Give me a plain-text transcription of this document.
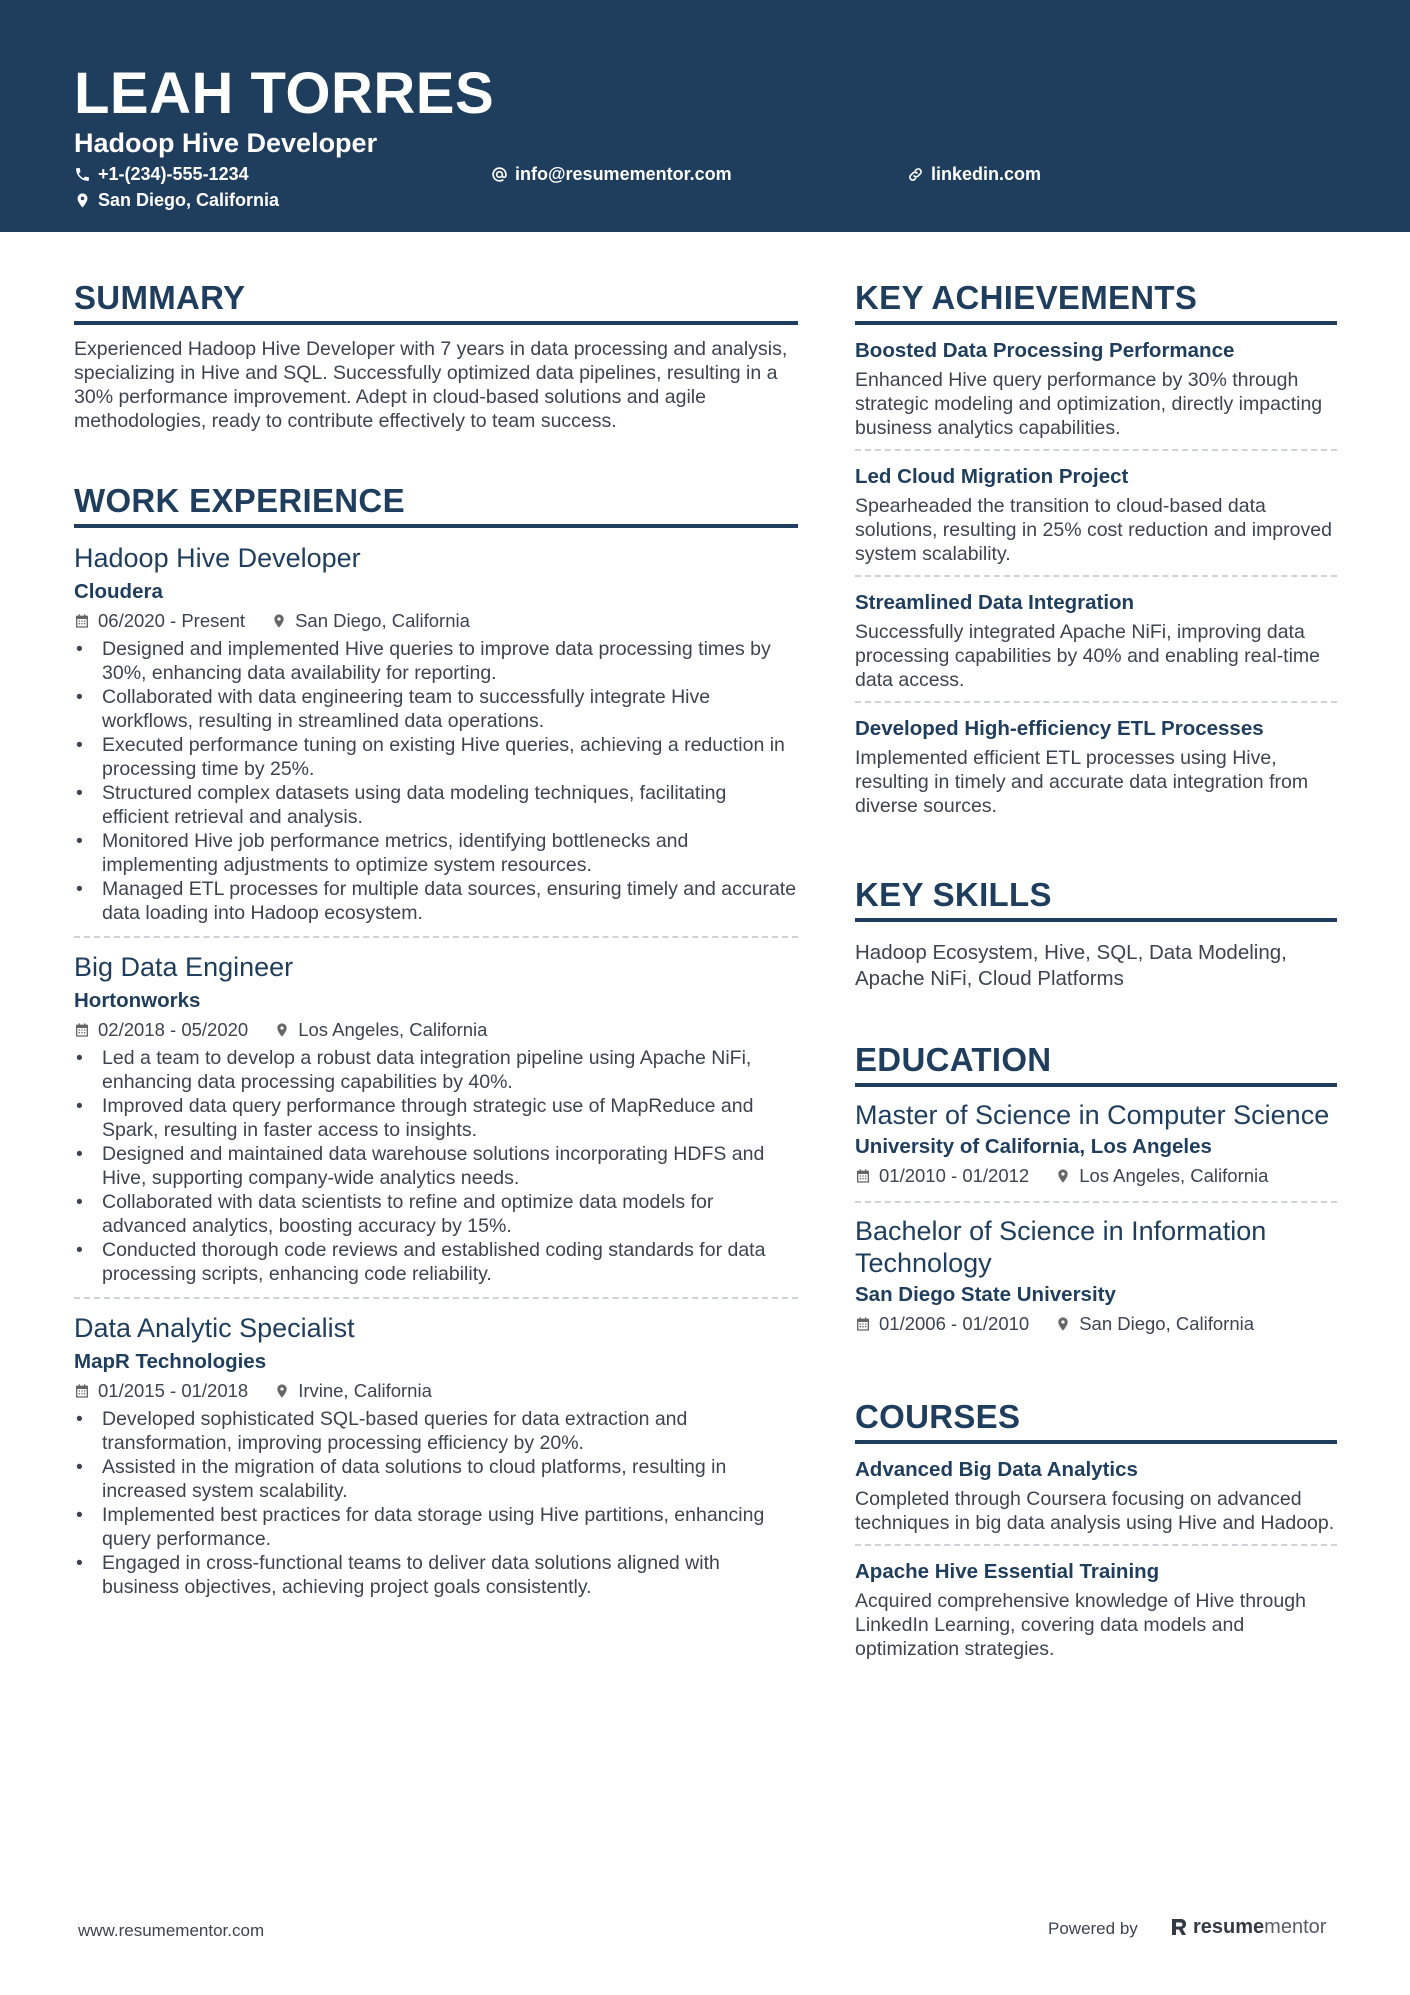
LEAH TORRES
Hadoop Hive Developer
+1-(234)-555-1234	info@resumementor.com	linkedin.com
San Diego, California
SUMMARY
Experienced Hadoop Hive Developer with 7 years in data processing and analysis, specializing in Hive and SQL. Successfully optimized data pipelines, resulting in a 30% performance improvement. Adept in cloud-based solutions and agile methodologies, ready to contribute effectively to team success.
WORK EXPERIENCE
Hadoop Hive Developer
Cloudera
06/2020 - Present	San Diego, California
• Designed and implemented Hive queries to improve data processing times by 30%, enhancing data availability for reporting.
• Collaborated with data engineering team to successfully integrate Hive workflows, resulting in streamlined data operations.
• Executed performance tuning on existing Hive queries, achieving a reduction in processing time by 25%.
• Structured complex datasets using data modeling techniques, facilitating efficient retrieval and analysis.
• Monitored Hive job performance metrics, identifying bottlenecks and implementing adjustments to optimize system resources.
• Managed ETL processes for multiple data sources, ensuring timely and accurate data loading into Hadoop ecosystem.
Big Data Engineer
Hortonworks
02/2018 - 05/2020	Los Angeles, California
• Led a team to develop a robust data integration pipeline using Apache NiFi, enhancing data processing capabilities by 40%.
• Improved data query performance through strategic use of MapReduce and Spark, resulting in faster access to insights.
• Designed and maintained data warehouse solutions incorporating HDFS and Hive, supporting company-wide analytics needs.
• Collaborated with data scientists to refine and optimize data models for advanced analytics, boosting accuracy by 15%.
• Conducted thorough code reviews and established coding standards for data processing scripts, enhancing code reliability.
Data Analytic Specialist
MapR Technologies
01/2015 - 01/2018	Irvine, California
• Developed sophisticated SQL-based queries for data extraction and transformation, improving processing efficiency by 20%.
• Assisted in the migration of data solutions to cloud platforms, resulting in increased system scalability.
• Implemented best practices for data storage using Hive partitions, enhancing query performance.
• Engaged in cross-functional teams to deliver data solutions aligned with business objectives, achieving project goals consistently.
KEY ACHIEVEMENTS
Boosted Data Processing Performance
Enhanced Hive query performance by 30% through strategic modeling and optimization, directly impacting business analytics capabilities.
Led Cloud Migration Project
Spearheaded the transition to cloud-based data solutions, resulting in 25% cost reduction and improved system scalability.
Streamlined Data Integration
Successfully integrated Apache NiFi, improving data processing capabilities by 40% and enabling real-time data access.
Developed High-efficiency ETL Processes
Implemented efficient ETL processes using Hive, resulting in timely and accurate data integration from diverse sources.
KEY SKILLS
Hadoop Ecosystem, Hive, SQL, Data Modeling, Apache NiFi, Cloud Platforms
EDUCATION
Master of Science in Computer Science
University of California, Los Angeles
01/2010 - 01/2012	Los Angeles, California
Bachelor of Science in Information Technology
San Diego State University
01/2006 - 01/2010	San Diego, California
COURSES
Advanced Big Data Analytics
Completed through Coursera focusing on advanced techniques in big data analysis using Hive and Hadoop.
Apache Hive Essential Training
Acquired comprehensive knowledge of Hive through LinkedIn Learning, covering data models and optimization strategies.
www.resumementor.com	Powered by	resume mentor
